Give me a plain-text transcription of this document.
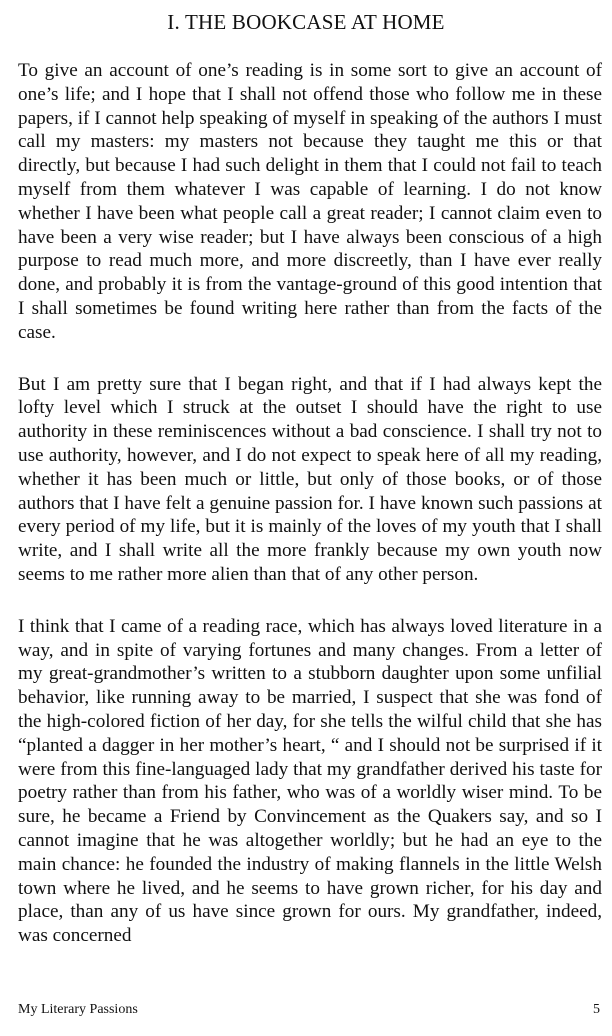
I. THE BOOKCASE AT HOME

To give an account of one’s reading is in some sort to give an account of one’s life; and I hope that I shall not offend those who follow me in these papers, if I cannot help speaking of myself in speaking of the authors I must call my masters: my masters not because they taught me this or that directly, but because I had such delight in them that I could not fail to teach myself from them whatever I was capable of learning. I do not know whether I have been what people call a great reader; I cannot claim even to have been a very wise reader; but I have always been conscious of a high purpose to read much more, and more discreetly, than I have ever really done, and probably it is from the vantage-ground of this good intention that I shall sometimes be found writing here rather than from the facts of the case.

But I am pretty sure that I began right, and that if I had always kept the lofty level which I struck at the outset I should have the right to use authority in these reminiscences without a bad conscience. I shall try not to use authority, however, and I do not expect to speak here of all my reading, whether it has been much or little, but only of those books, or of those authors that I have felt a genuine passion for. I have known such passions at every period of my life, but it is mainly of the loves of my youth that I shall write, and I shall write all the more frankly because my own youth now seems to me rather more alien than that of any other person.

I think that I came of a reading race, which has always loved literature in a way, and in spite of varying fortunes and many changes. From a letter of my great-grandmother’s written to a stubborn daughter upon some unfilial behavior, like running away to be married, I suspect that she was fond of the high-colored fiction of her day, for she tells the wilful child that she has “planted a dagger in her mother’s heart, “ and I should not be surprised if it were from this fine-languaged lady that my grandfather derived his taste for poetry rather than from his father, who was of a worldly wiser mind. To be sure, he became a Friend by Convincement as the Quakers say, and so I cannot imagine that he was altogether worldly; but he had an eye to the main chance: he founded the industry of making flannels in the little Welsh town where he lived, and he seems to have grown richer, for his day and place, than any of us have since grown for ours. My grandfather, indeed, was concerned

My Literary Passions	5
